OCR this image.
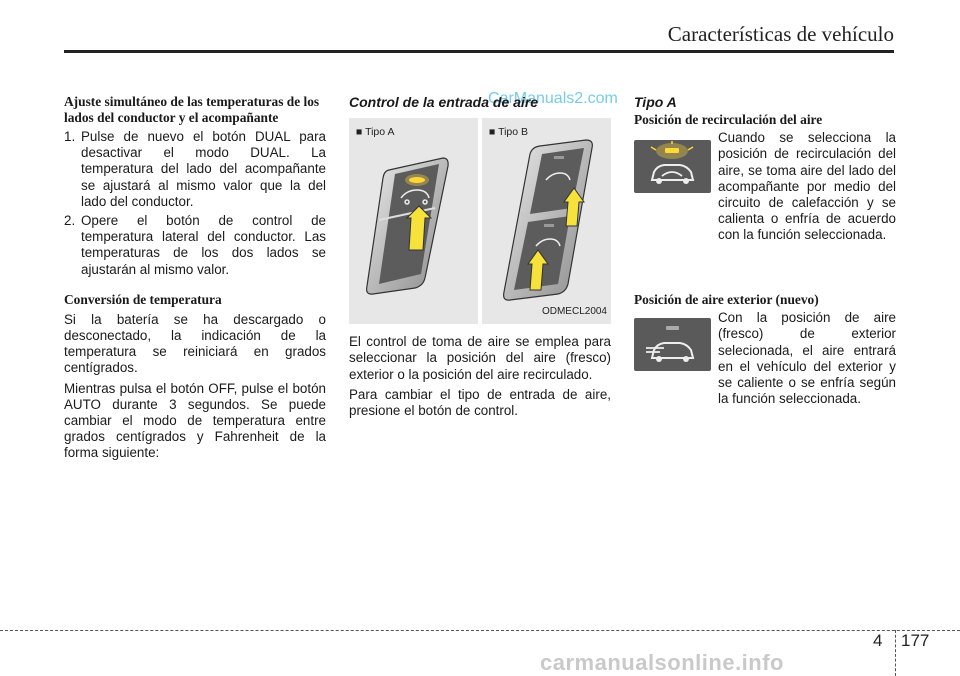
Características de vehículo
CarManuals2.com
Ajuste simultáneo de las temperaturas de los lados del conductor y el acompañante
1. Pulse de nuevo el botón DUAL para desactivar el modo DUAL. La temperatura del lado del acompañante se ajustará al mismo valor que la del lado del conductor.
2. Opere el botón de control de temperatura lateral del conductor. Las temperaturas de los dos lados se ajustarán al mismo valor.
Conversión de temperatura

Si la batería se ha descargado o desconectado, la indicación de la temperatura se reiniciará en grados centígrados.

Mientras pulsa el botón OFF, pulse el botón AUTO durante 3 segundos. Se puede cambiar el modo de temperatura entre grados centígrados y Fahrenheit de la forma siguiente:

Control de la entrada de aire
■ Tipo A	■ Tipo B
ODMECL2004

El control de toma de aire se emplea para seleccionar la posición del aire (fresco) exterior o la posición del aire recirculado.

Para cambiar el tipo de entrada de aire, presione el botón de control.

Tipo A
Posición de recirculación del aire
Cuando se selecciona la posición de recirculación del aire, se toma aire del lado del acompañante por medio del circuito de calefacción y se calienta o enfría de acuerdo con la función seleccionada.
Posición de aire exterior (nuevo)
Con la posición de aire (fresco) de exterior selecionada, el aire entrará en el vehículo del exterior y se caliente o se enfría según la función seleccionada.
4 177
carmanualsonline.info
